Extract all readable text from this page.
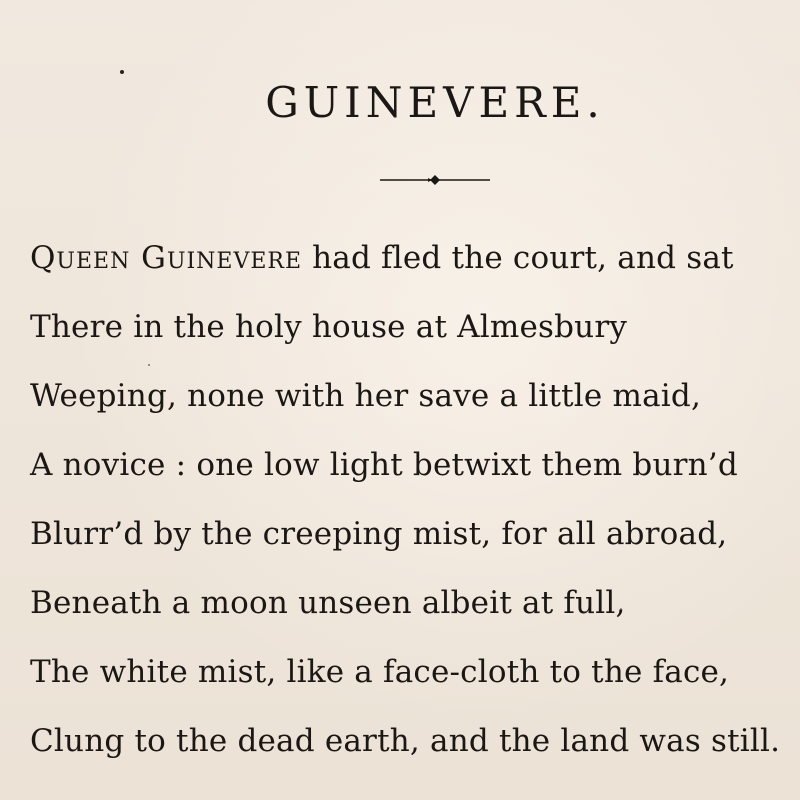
GUINEVERE.
Queen Guinevere had fled the court, and sat
There in the holy house at Almesbury
Weeping, none with her save a little maid,
A novice : one low light betwixt them burn’d
Blurr’d by the creeping mist, for all abroad,
Beneath a moon unseen albeit at full,
The white mist, like a face-cloth to the face,
Clung to the dead earth, and the land was still.
